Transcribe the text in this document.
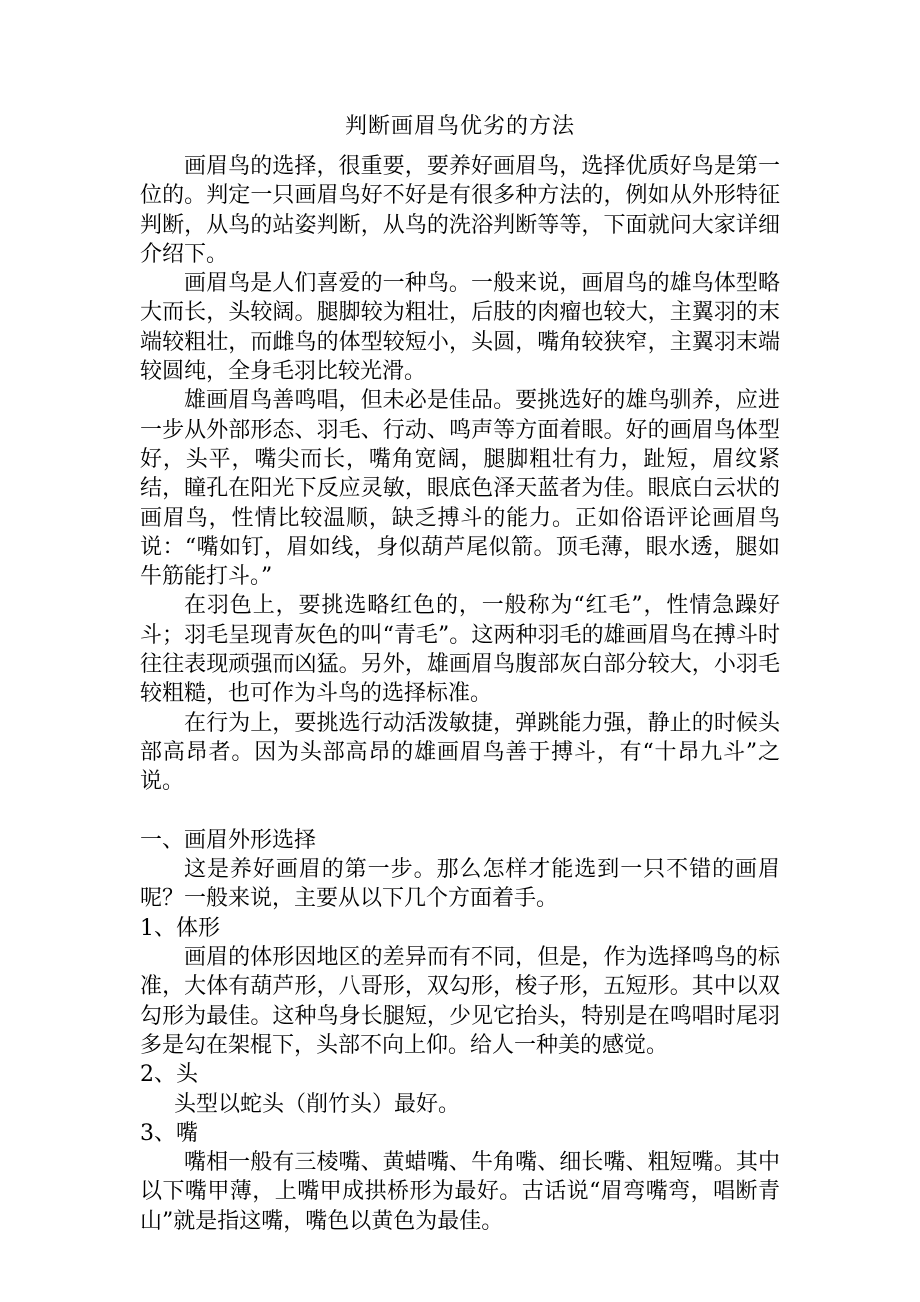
判断画眉鸟优劣的方法

画眉鸟的选择，很重要，要养好画眉鸟，选择优质好鸟是第一位的。判定一只画眉鸟好不好是有很多种方法的，例如从外形特征判断，从鸟的站姿判断，从鸟的洗浴判断等等，下面就问大家详细介绍下。

画眉鸟是人们喜爱的一种鸟。一般来说，画眉鸟的雄鸟体型略大而长，头较阔。腿脚较为粗壮，后肢的肉瘤也较大，主翼羽的末端较粗壮，而雌鸟的体型较短小，头圆，嘴角较狭窄，主翼羽末端较圆纯，全身毛羽比较光滑。

雄画眉鸟善鸣唱，但未必是佳品。要挑选好的雄鸟驯养，应进一步从外部形态、羽毛、行动、鸣声等方面着眼。好的画眉鸟体型好，头平，嘴尖而长，嘴角宽阔，腿脚粗壮有力，趾短，眉纹紧结，瞳孔在阳光下反应灵敏，眼底色泽天蓝者为佳。眼底白云状的画眉鸟，性情比较温顺，缺乏搏斗的能力。正如俗语评论画眉鸟说：“嘴如钉，眉如线，身似葫芦尾似箭。顶毛薄，眼水透，腿如牛筋能打斗。”

在羽色上，要挑选略红色的，一般称为“红毛”，性情急躁好斗；羽毛呈现青灰色的叫“青毛”。这两种羽毛的雄画眉鸟在搏斗时往往表现顽强而凶猛。另外，雄画眉鸟腹部灰白部分较大，小羽毛较粗糙，也可作为斗鸟的选择标准。

在行为上，要挑选行动活泼敏捷，弹跳能力强，静止的时候头部高昂者。因为头部高昂的雄画眉鸟善于搏斗，有“十昂九斗”之说。

一、画眉外形选择

这是养好画眉的第一步。那么怎样才能选到一只不错的画眉呢？一般来说，主要从以下几个方面着手。

1、体形

画眉的体形因地区的差异而有不同，但是，作为选择鸣鸟的标准，大体有葫芦形，八哥形，双勾形，梭子形，五短形。其中以双勾形为最佳。这种鸟身长腿短，少见它抬头，特别是在鸣唱时尾羽多是勾在架棍下，头部不向上仰。给人一种美的感觉。

2、头

头型以蛇头（削竹头）最好。

3、嘴

嘴相一般有三棱嘴、黄蜡嘴、牛角嘴、细长嘴、粗短嘴。其中以下嘴甲薄，上嘴甲成拱桥形为最好。古话说“眉弯嘴弯，唱断青山”就是指这嘴，嘴色以黄色为最佳。
